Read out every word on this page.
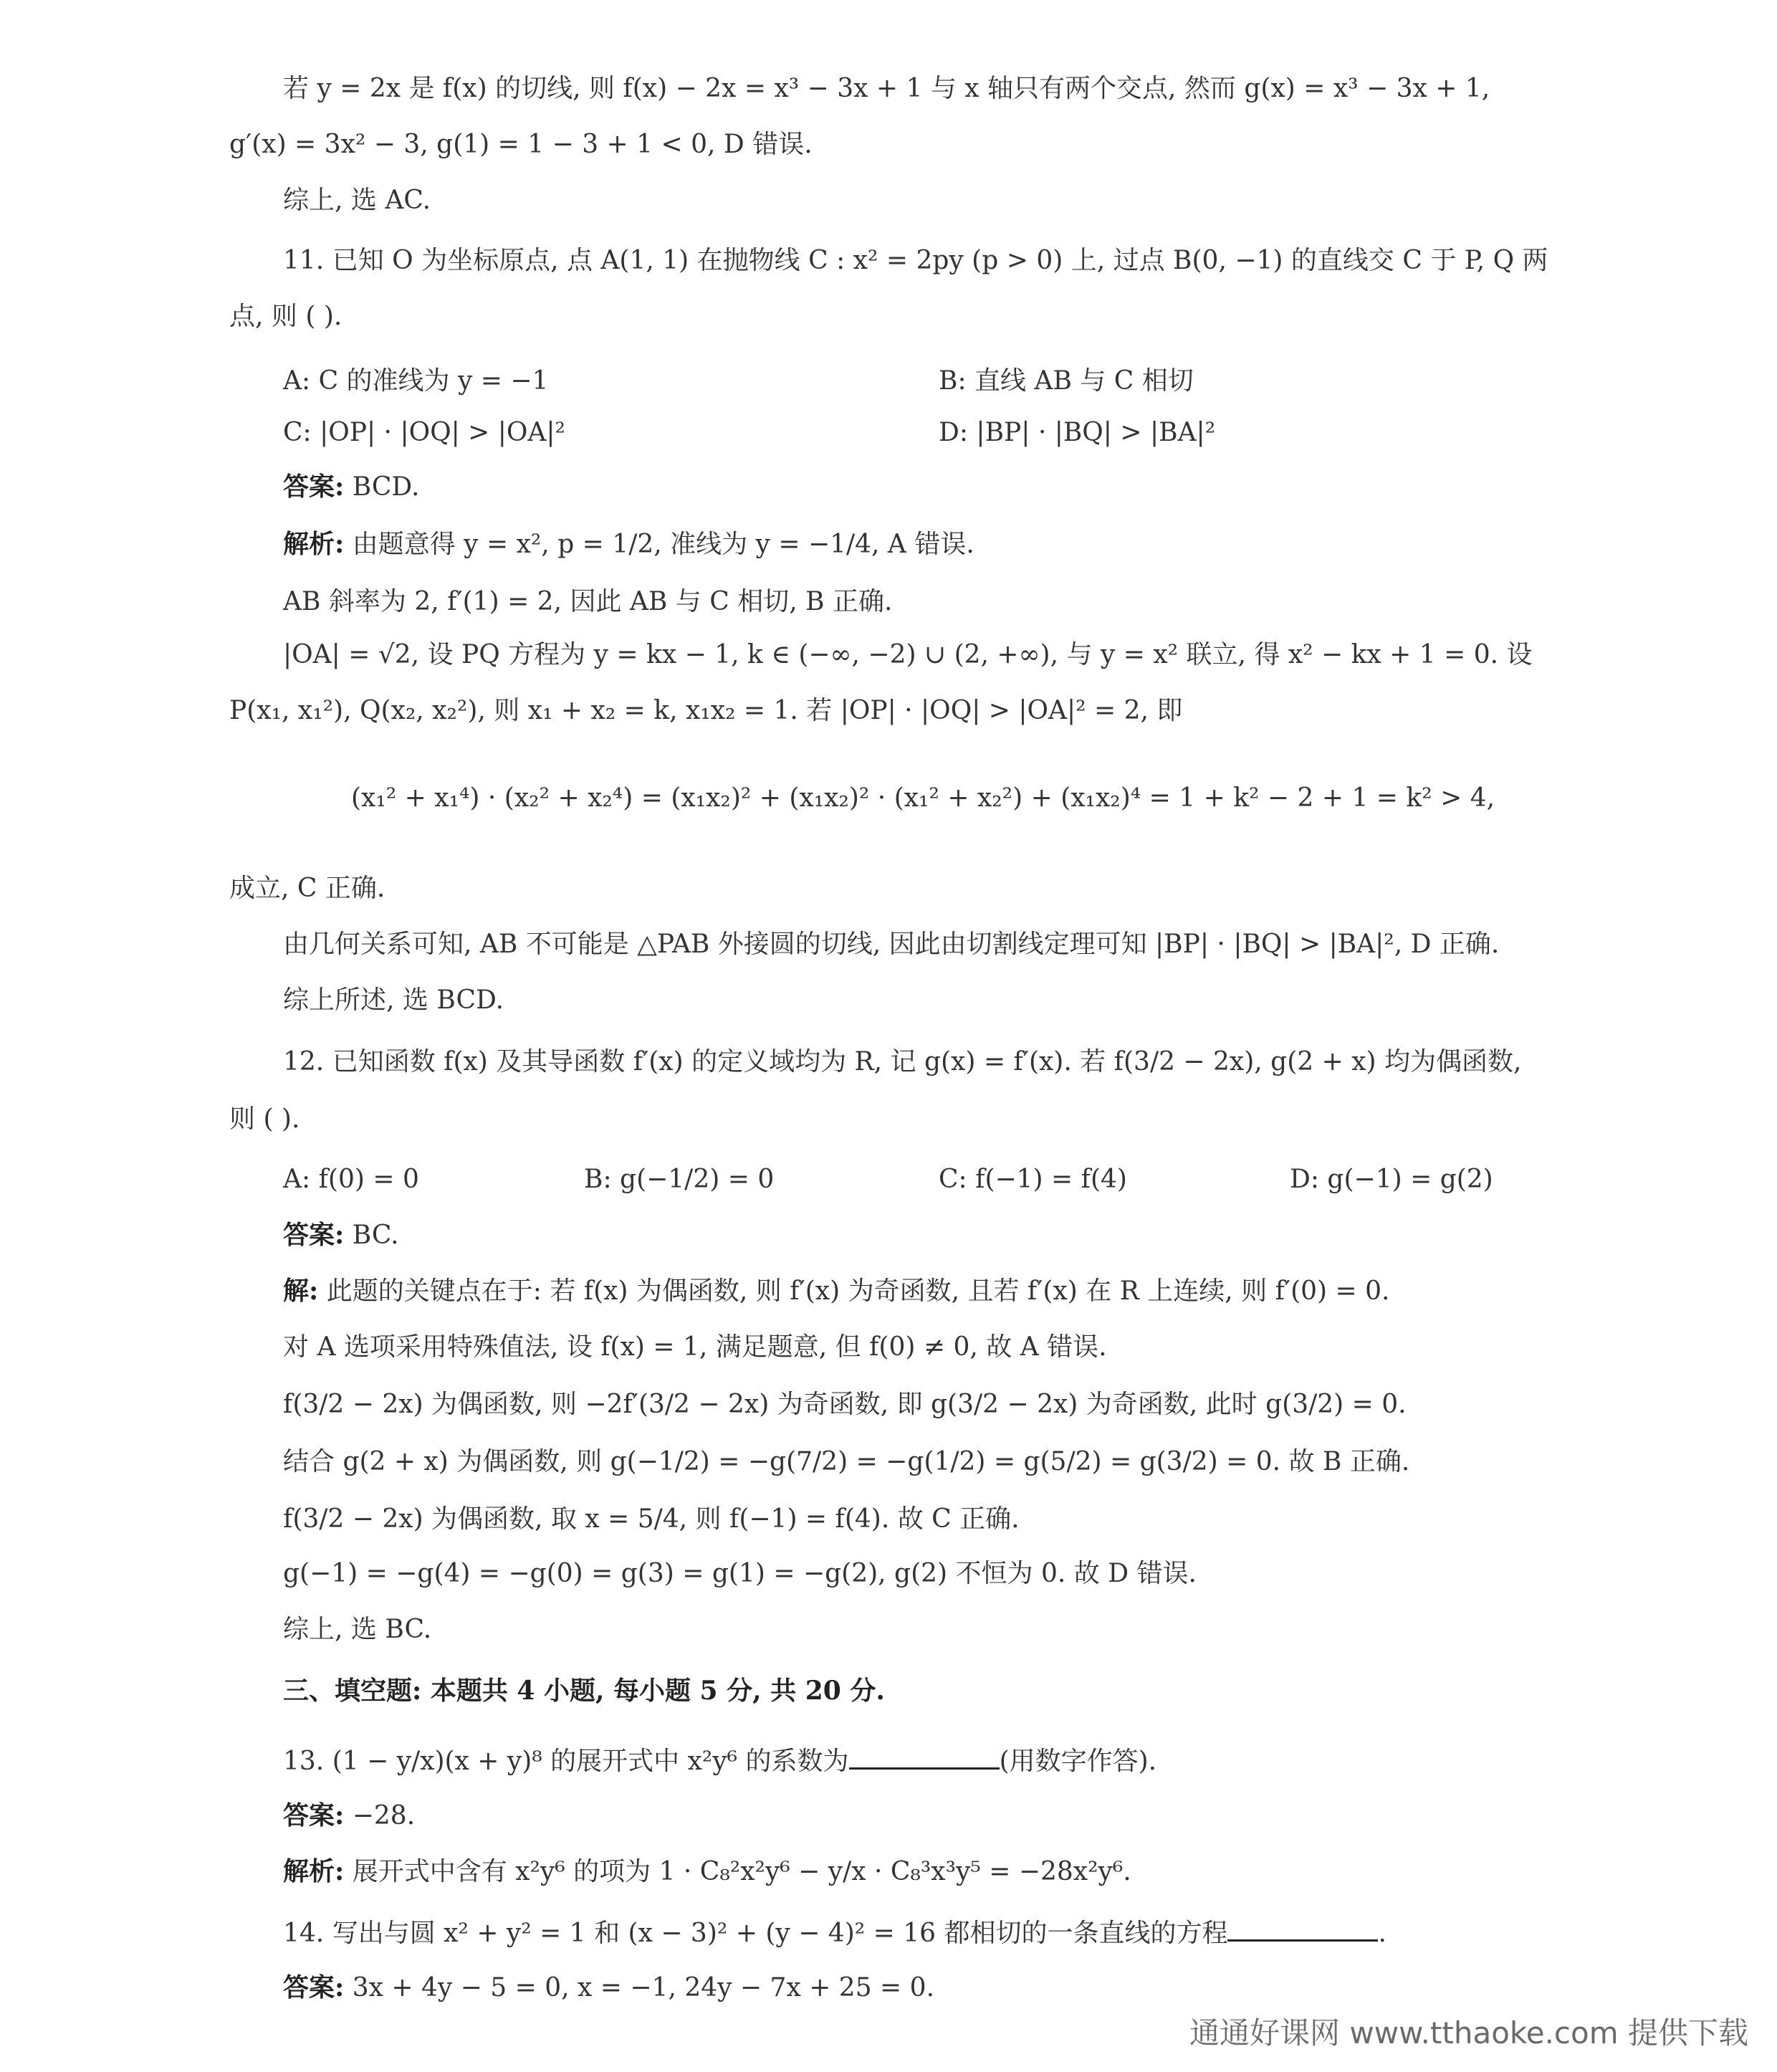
若 y = 2x 是 f(x) 的切线, 则 f(x) − 2x = x³ − 3x + 1 与 x 轴只有两个交点, 然而 g(x) = x³ − 3x + 1,
g′(x) = 3x² − 3, g(1) = 1 − 3 + 1 < 0, D 错误.
综上, 选 AC.
11. 已知 O 为坐标原点, 点 A(1, 1) 在抛物线 C : x² = 2py (p > 0) 上, 过点 B(0, −1) 的直线交 C 于 P, Q 两
点, 则 ( ).
A: C 的准线为 y = −1	B: 直线 AB 与 C 相切
C: |OP| · |OQ| > |OA|²	D: |BP| · |BQ| > |BA|²
答案: BCD.
解析: 由题意得 y = x², p = 1/2, 准线为 y = −1/4, A 错误.
AB 斜率为 2, f′(1) = 2, 因此 AB 与 C 相切, B 正确.
|OA| = √2, 设 PQ 方程为 y = kx − 1, k ∈ (−∞, −2) ∪ (2, +∞), 与 y = x² 联立, 得 x² − kx + 1 = 0. 设
P(x₁, x₁²), Q(x₂, x₂²), 则 x₁ + x₂ = k, x₁x₂ = 1. 若 |OP| · |OQ| > |OA|² = 2, 即
(x₁² + x₁⁴) · (x₂² + x₂⁴) = (x₁x₂)² + (x₁x₂)² · (x₁² + x₂²) + (x₁x₂)⁴ = 1 + k² − 2 + 1 = k² > 4,
成立, C 正确.
由几何关系可知, AB 不可能是 △PAB 外接圆的切线, 因此由切割线定理可知 |BP| · |BQ| > |BA|², D 正确.
综上所述, 选 BCD.
12. 已知函数 f(x) 及其导函数 f′(x) 的定义域均为 R, 记 g(x) = f′(x). 若 f(3/2 − 2x), g(2 + x) 均为偶函数,
则 ( ).
A: f(0) = 0	B: g(−1/2) = 0	C: f(−1) = f(4)	D: g(−1) = g(2)
答案: BC.
解: 此题的关键点在于: 若 f(x) 为偶函数, 则 f′(x) 为奇函数, 且若 f′(x) 在 R 上连续, 则 f′(0) = 0.
对 A 选项采用特殊值法, 设 f(x) = 1, 满足题意, 但 f(0) ≠ 0, 故 A 错误.
f(3/2 − 2x) 为偶函数, 则 −2f′(3/2 − 2x) 为奇函数, 即 g(3/2 − 2x) 为奇函数, 此时 g(3/2) = 0.
结合 g(2 + x) 为偶函数, 则 g(−1/2) = −g(7/2) = −g(1/2) = g(5/2) = g(3/2) = 0. 故 B 正确.
f(3/2 − 2x) 为偶函数, 取 x = 5/4, 则 f(−1) = f(4). 故 C 正确.
g(−1) = −g(4) = −g(0) = g(3) = g(1) = −g(2), g(2) 不恒为 0. 故 D 错误.
综上, 选 BC.
三、填空题: 本题共 4 小题, 每小题 5 分, 共 20 分.
13. (1 − y/x)(x + y)⁸ 的展开式中 x²y⁶ 的系数为	(用数字作答).
答案: −28.
解析: 展开式中含有 x²y⁶ 的项为 1 · C₈²x²y⁶ − y/x · C₈³x³y⁵ = −28x²y⁶.
14. 写出与圆 x² + y² = 1 和 (x − 3)² + (y − 4)² = 16 都相切的一条直线的方程	.
答案: 3x + 4y − 5 = 0, x = −1, 24y − 7x + 25 = 0.
通通好课网 www.tthaoke.com 提供下载
